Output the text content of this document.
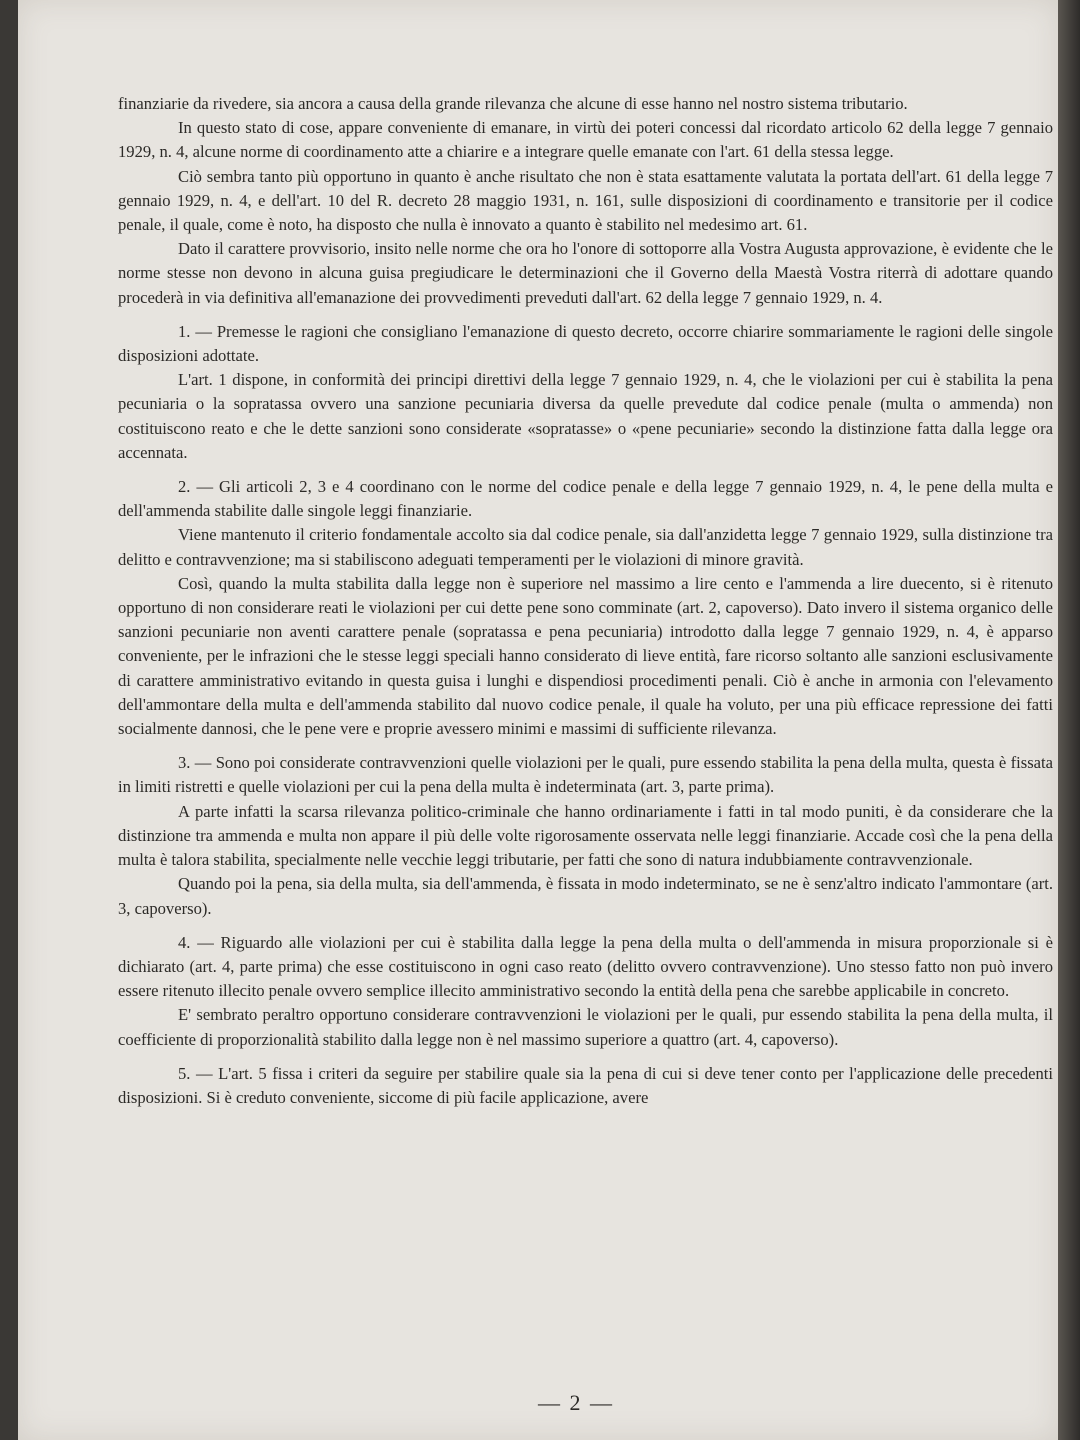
finanziarie da rivedere, sia ancora a causa della grande rilevanza che alcune di esse hanno nel nostro sistema tributario.

In questo stato di cose, appare conveniente di emanare, in virtù dei poteri concessi dal ricordato articolo 62 della legge 7 gennaio 1929, n. 4, alcune norme di coordinamento atte a chiarire e a integrare quelle emanate con l'art. 61 della stessa legge.

Ciò sembra tanto più opportuno in quanto è anche risultato che non è stata esattamente valutata la portata dell'art. 61 della legge 7 gennaio 1929, n. 4, e dell'art. 10 del R. decreto 28 maggio 1931, n. 161, sulle disposizioni di coordinamento e transitorie per il codice penale, il quale, come è noto, ha disposto che nulla è innovato a quanto è stabilito nel medesimo art. 61.

Dato il carattere provvisorio, insito nelle norme che ora ho l'onore di sottoporre alla Vostra Augusta approvazione, è evidente che le norme stesse non devono in alcuna guisa pregiudicare le determinazioni che il Governo della Maestà Vostra riterrà di adottare quando procederà in via definitiva all'emanazione dei provvedimenti preveduti dall'art. 62 della legge 7 gennaio 1929, n. 4.

1. — Premesse le ragioni che consigliano l'emanazione di questo decreto, occorre chiarire sommariamente le ragioni delle singole disposizioni adottate.

L'art. 1 dispone, in conformità dei principi direttivi della legge 7 gennaio 1929, n. 4, che le violazioni per cui è stabilita la pena pecuniaria o la sopratassa ovvero una sanzione pecuniaria diversa da quelle prevedute dal codice penale (multa o ammenda) non costituiscono reato e che le dette sanzioni sono considerate «sopratasse» o «pene pecuniarie» secondo la distinzione fatta dalla legge ora accennata.

2. — Gli articoli 2, 3 e 4 coordinano con le norme del codice penale e della legge 7 gennaio 1929, n. 4, le pene della multa e dell'ammenda stabilite dalle singole leggi finanziarie.

Viene mantenuto il criterio fondamentale accolto sia dal codice penale, sia dall'anzidetta legge 7 gennaio 1929, sulla distinzione tra delitto e contravvenzione; ma si stabiliscono adeguati temperamenti per le violazioni di minore gravità.

Così, quando la multa stabilita dalla legge non è superiore nel massimo a lire cento e l'ammenda a lire duecento, si è ritenuto opportuno di non considerare reati le violazioni per cui dette pene sono comminate (art. 2, capoverso). Dato invero il sistema organico delle sanzioni pecuniarie non aventi carattere penale (sopratassa e pena pecuniaria) introdotto dalla legge 7 gennaio 1929, n. 4, è apparso conveniente, per le infrazioni che le stesse leggi speciali hanno considerato di lieve entità, fare ricorso soltanto alle sanzioni esclusivamente di carattere amministrativo evitando in questa guisa i lunghi e dispendiosi procedimenti penali. Ciò è anche in armonia con l'elevamento dell'ammontare della multa e dell'ammenda stabilito dal nuovo codice penale, il quale ha voluto, per una più efficace repressione dei fatti socialmente dannosi, che le pene vere e proprie avessero minimi e massimi di sufficiente rilevanza.

3. — Sono poi considerate contravvenzioni quelle violazioni per le quali, pure essendo stabilita la pena della multa, questa è fissata in limiti ristretti e quelle violazioni per cui la pena della multa è indeterminata (art. 3, parte prima).

A parte infatti la scarsa rilevanza politico-criminale che hanno ordinariamente i fatti in tal modo puniti, è da considerare che la distinzione tra ammenda e multa non appare il più delle volte rigorosamente osservata nelle leggi finanziarie. Accade così che la pena della multa è talora stabilita, specialmente nelle vecchie leggi tributarie, per fatti che sono di natura indubbiamente contravvenzionale.

Quando poi la pena, sia della multa, sia dell'ammenda, è fissata in modo indeterminato, se ne è senz'altro indicato l'ammontare (art. 3, capoverso).

4. — Riguardo alle violazioni per cui è stabilita dalla legge la pena della multa o dell'ammenda in misura proporzionale si è dichiarato (art. 4, parte prima) che esse costituiscono in ogni caso reato (delitto ovvero contravvenzione). Uno stesso fatto non può invero essere ritenuto illecito penale ovvero semplice illecito amministrativo secondo la entità della pena che sarebbe applicabile in concreto.

E' sembrato peraltro opportuno considerare contravvenzioni le violazioni per le quali, pur essendo stabilita la pena della multa, il coefficiente di proporzionalità stabilito dalla legge non è nel massimo superiore a quattro (art. 4, capoverso).

5. — L'art. 5 fissa i criteri da seguire per stabilire quale sia la pena di cui si deve tener conto per l'applicazione delle precedenti disposizioni. Si è creduto conveniente, siccome di più facile applicazione, avere

— 2 —
